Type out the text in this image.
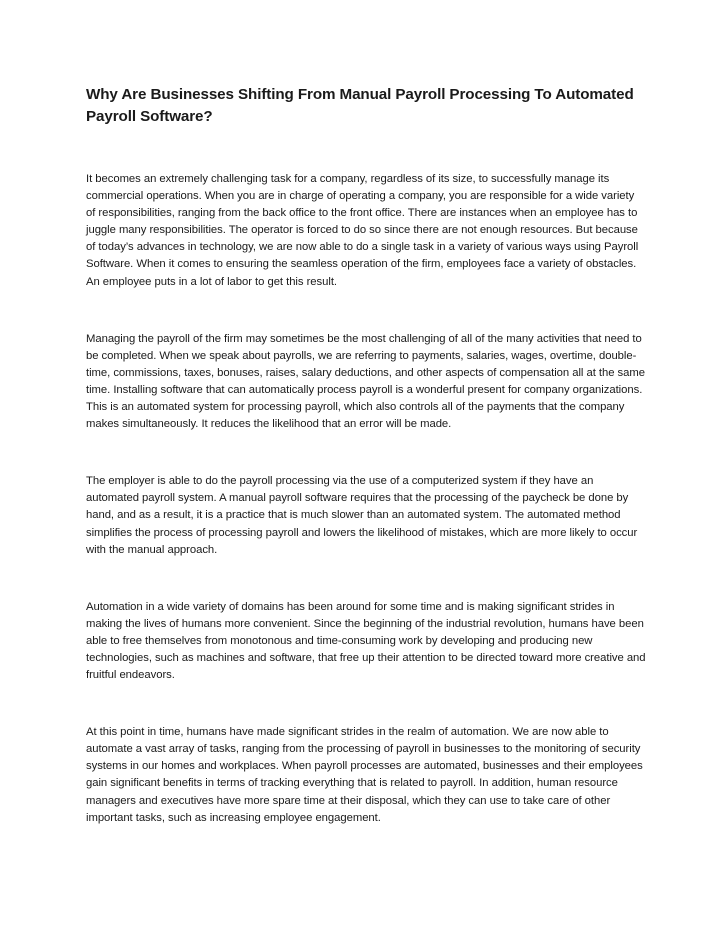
Why Are Businesses Shifting From Manual Payroll Processing To Automated Payroll Software?

It becomes an extremely challenging task for a company, regardless of its size, to successfully manage its commercial operations. When you are in charge of operating a company, you are responsible for a wide variety of responsibilities, ranging from the back office to the front office. There are instances when an employee has to juggle many responsibilities. The operator is forced to do so since there are not enough resources. But because of today’s advances in technology, we are now able to do a single task in a variety of various ways using Payroll Software. When it comes to ensuring the seamless operation of the firm, employees face a variety of obstacles. An employee puts in a lot of labor to get this result.

Managing the payroll of the firm may sometimes be the most challenging of all of the many activities that need to be completed. When we speak about payrolls, we are referring to payments, salaries, wages, overtime, double-time, commissions, taxes, bonuses, raises, salary deductions, and other aspects of compensation all at the same time. Installing software that can automatically process payroll is a wonderful present for company organizations. This is an automated system for processing payroll, which also controls all of the payments that the company makes simultaneously. It reduces the likelihood that an error will be made.

The employer is able to do the payroll processing via the use of a computerized system if they have an automated payroll system. A manual payroll software requires that the processing of the paycheck be done by hand, and as a result, it is a practice that is much slower than an automated system. The automated method simplifies the process of processing payroll and lowers the likelihood of mistakes, which are more likely to occur with the manual approach.

Automation in a wide variety of domains has been around for some time and is making significant strides in making the lives of humans more convenient. Since the beginning of the industrial revolution, humans have been able to free themselves from monotonous and time-consuming work by developing and producing new technologies, such as machines and software, that free up their attention to be directed toward more creative and fruitful endeavors.

At this point in time, humans have made significant strides in the realm of automation. We are now able to automate a vast array of tasks, ranging from the processing of payroll in businesses to the monitoring of security systems in our homes and workplaces. When payroll processes are automated, businesses and their employees gain significant benefits in terms of tracking everything that is related to payroll. In addition, human resource managers and executives have more spare time at their disposal, which they can use to take care of other important tasks, such as increasing employee engagement.
